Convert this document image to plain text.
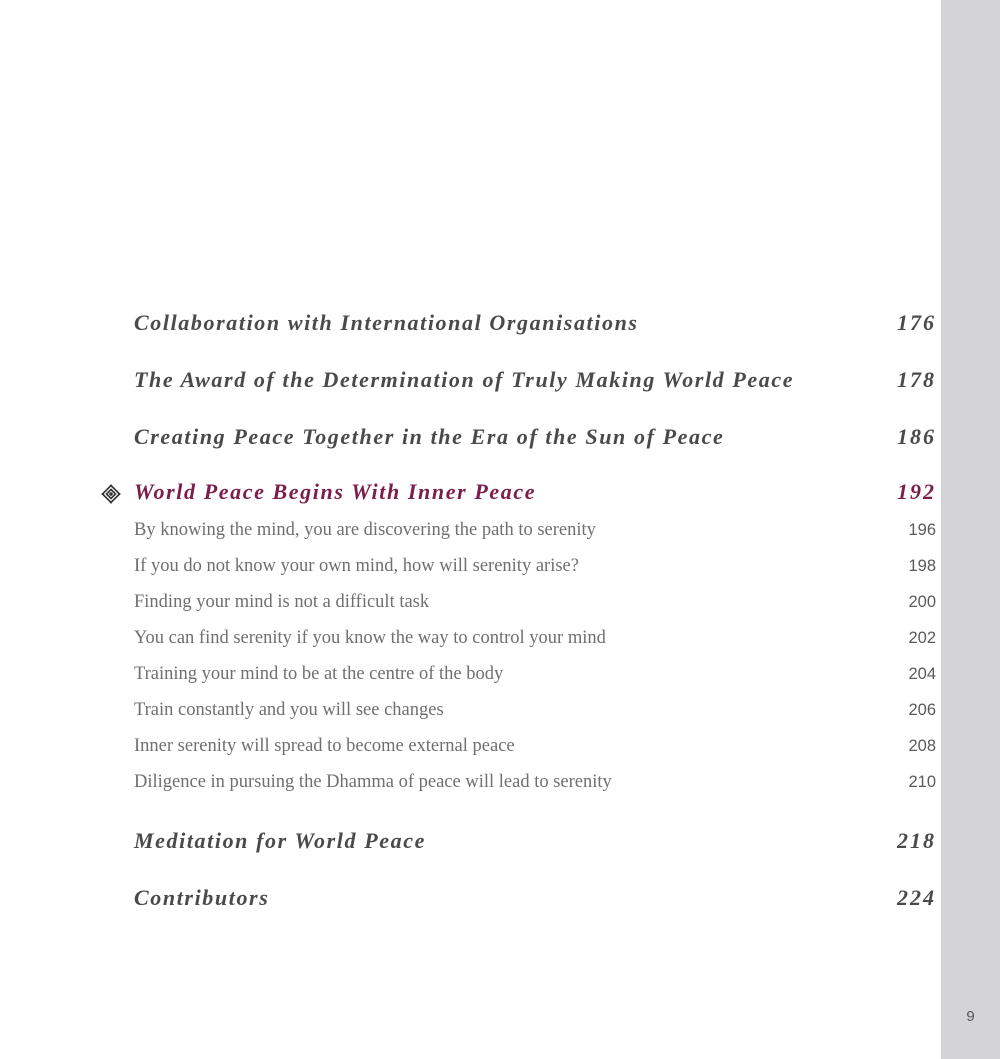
Collaboration with International Organisations	176
The Award of the Determination of Truly Making World Peace	178
Creating Peace Together in the Era of the Sun of Peace	186
World Peace Begins With Inner Peace	192
By knowing the mind, you are discovering the path to serenity	196
If you do not know your own mind, how will serenity arise?	198
Finding your mind is not a difficult task	200
You can find serenity if you know the way to control your mind	202
Training your mind to be at the centre of the body	204
Train constantly and you will see changes	206
Inner serenity will spread to become external peace	208
Diligence in pursuing the Dhamma of peace will lead to serenity	210
Meditation for World Peace	218
Contributors	224
9
